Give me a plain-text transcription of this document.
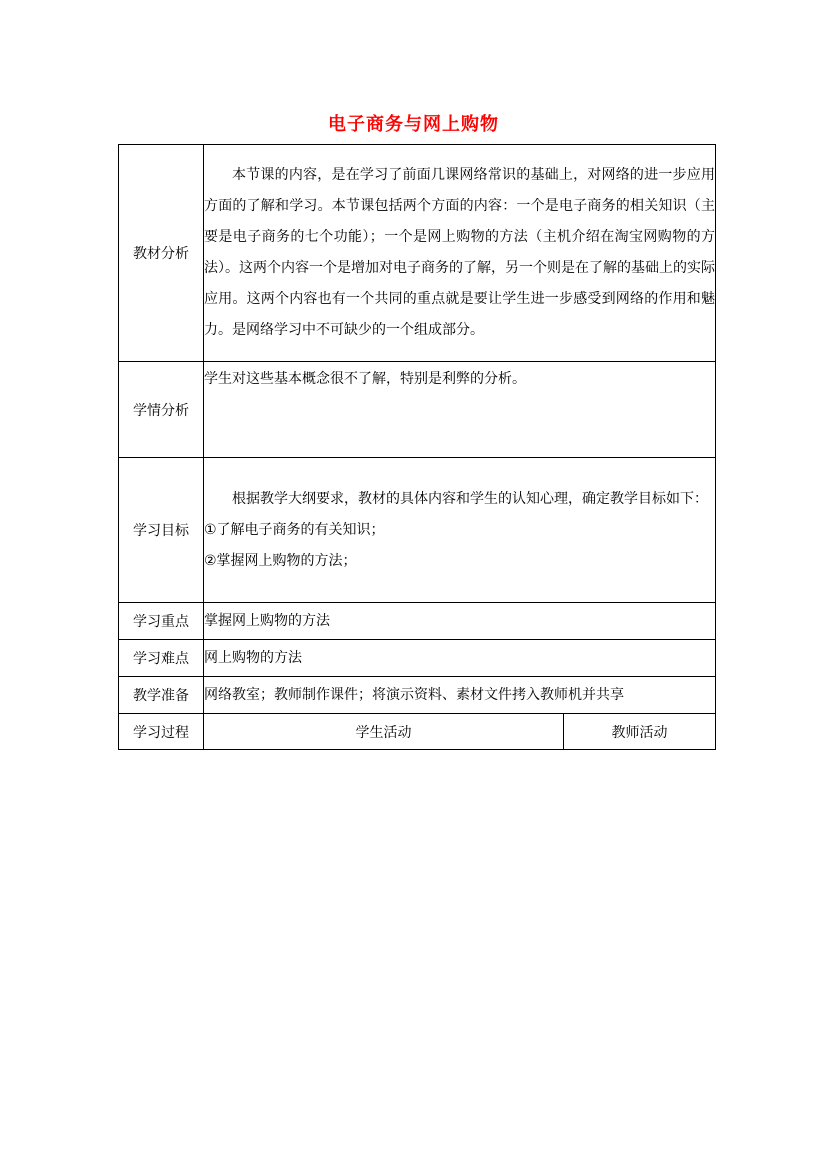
电子商务与网上购物
教材分析	本节课的内容，是在学习了前面几课网络常识的基础上，对网络的进一步应用方面的了解和学习。本节课包括两个方面的内容：一个是电子商务的相关知识（主要是电子商务的七个功能）；一个是网上购物的方法（主机介绍在淘宝网购物的方法）。这两个内容一个是增加对电子商务的了解，另一个则是在了解的基础上的实际应用。这两个内容也有一个共同的重点就是要让学生进一步感受到网络的作用和魅力。是网络学习中不可缺少的一个组成部分。	

学情分析	学生对这些基本概念很不了解，特别是利弊的分析。	

学习目标	根据教学大纲要求，教材的具体内容和学生的认知心理，确定教学目标如下：

①了解电子商务的有关知识；

②掌握网上购物的方法；	

学习重点	掌握网上购物的方法	
学习难点	网上购物的方法	
教学准备	网络教室；教师制作课件；将演示资料、素材文件拷入教师机并共享	
学习过程	学生活动	教师活动
